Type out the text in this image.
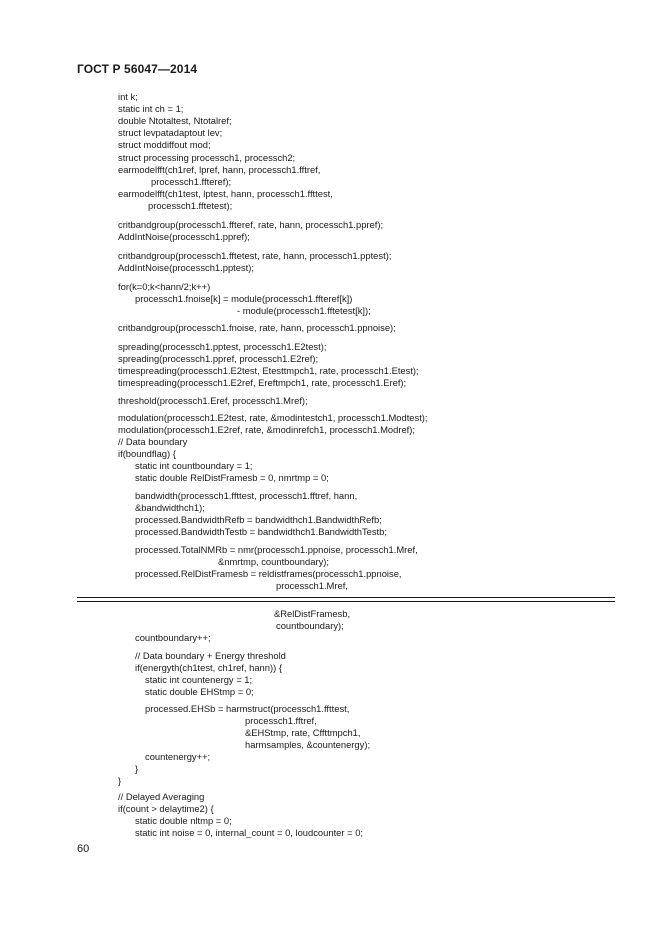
ГОСТ Р 56047—2014
int k;
static int ch = 1;
double Ntotaltest, Ntotalref;
struct levpatadaptout lev;
struct moddiffout mod;
struct processing processch1, processch2;
earmodelfft(ch1ref, lpref, hann, processch1.fftref,
processch1.ffteref);
earmodelfft(ch1test, lptest, hann, processch1.ffttest,
processch1.fftetest);
critbandgroup(processch1.ffteref, rate, hann, processch1.ppref);
AddIntNoise(processch1.ppref);
critbandgroup(processch1.fftetest, rate, hann, processch1.pptest);
AddIntNoise(processch1.pptest);
for(k=0;k<hann/2;k++)
processch1.fnoise[k] = module(processch1.ffteref[k])
- module(processch1.fftetest[k]);
critbandgroup(processch1.fnoise, rate, hann, processch1.ppnoise);
spreading(processch1.pptest, processch1.E2test);
spreading(processch1.ppref, processch1.E2ref);
timespreading(processch1.E2test, Etesttmpch1, rate, processch1.Etest);
timespreading(processch1.E2ref, Ereftmpch1, rate, processch1.Eref);
threshold(processch1.Eref, processch1.Mref);
modulation(processch1.E2test, rate, &modintestch1, processch1.Modtest);
modulation(processch1.E2ref, rate, &modinrefch1, processch1.Modref);
// Data boundary
if(boundflag) {
static int countboundary = 1;
static double RelDistFramesb = 0, nmrtmp = 0;
bandwidth(processch1.ffttest, processch1.fftref, hann,
&bandwidthch1);
processed.BandwidthRefb = bandwidthch1.BandwidthRefb;
processed.BandwidthTestb = bandwidthch1.BandwidthTestb;
processed.TotalNMRb = nmr(processch1.ppnoise, processch1.Mref,
&nmrtmp, countboundary);
processed.RelDistFramesb = reldistframes(processch1.ppnoise,
processch1.Mref,
&RelDistFramesb,
countboundary);
countboundary++;
// Data boundary + Energy threshold
if(energyth(ch1test, ch1ref, hann)) {
static int countenergy = 1;
static double EHStmp = 0;
processed.EHSb = harmstruct(processch1.ffttest,
processch1.fftref,
&EHStmp, rate, Cffttmpch1,
harmsamples, &countenergy);
countenergy++;
}
}
// Delayed Averaging
if(count > delaytime2) {
static double nltmp = 0;
static int noise = 0, internal_count = 0, loudcounter = 0;
60
